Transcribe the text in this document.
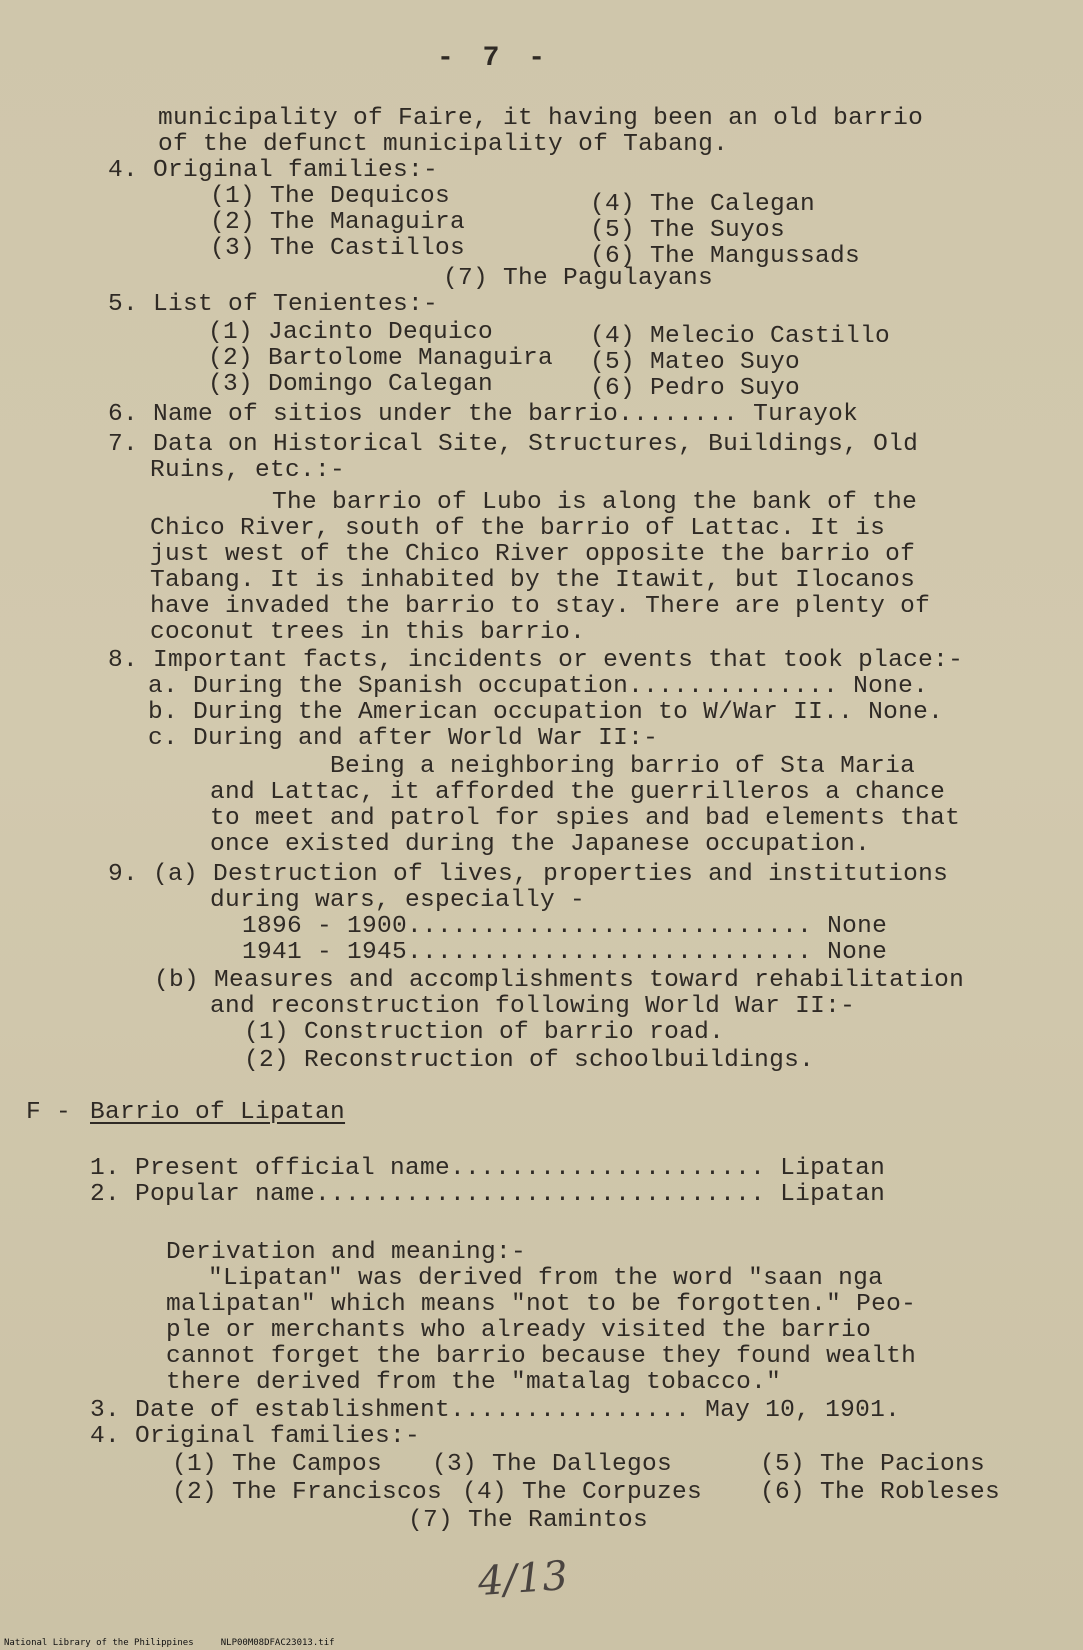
- 7 -
municipality of Faire, it having been an old barrio
of the defunct municipality of Tabang.
4. Original families:-
(1) The Dequicos	(4) The Calegan
(2) The Managuira	(5) The Suyos
(3) The Castillos	(6) The Mangussads
(7) The Pagulayans
5. List of Tenientes:-
(1) Jacinto Dequico	(4) Melecio Castillo
(2) Bartolome Managuira (5) Mateo Suyo
(3) Domingo Calegan	(6) Pedro Suyo
6. Name of sitios under the barrio........ Turayok
7. Data on Historical Site, Structures, Buildings, Old
Ruins, etc.:-
The barrio of Lubo is along the bank of the
Chico River, south of the barrio of Lattac. It is
just west of the Chico River opposite the barrio of
Tabang. It is inhabited by the Itawit, but Ilocanos
have invaded the barrio to stay. There are plenty of
coconut trees in this barrio.
8. Important facts, incidents or events that took place:-
a. During the Spanish occupation.............. None.
b. During the American occupation to W/War II.. None.
c. During and after World War II:-
Being a neighboring barrio of Sta Maria
and Lattac, it afforded the guerrilleros a chance
to meet and patrol for spies and bad elements that
once existed during the Japanese occupation.
9. (a) Destruction of lives, properties and institutions
during wars, especially -
1896 - 1900........................... None
1941 - 1945........................... None
(b) Measures and accomplishments toward rehabilitation
and reconstruction following World War II:-
(1) Construction of barrio road.
(2) Reconstruction of schoolbuildings.
F - Barrio of Lipatan
1. Present official name..................... Lipatan
2. Popular name.............................. Lipatan
Derivation and meaning:-
"Lipatan" was derived from the word "saan nga
malipatan" which means "not to be forgotten." Peo-
ple or merchants who already visited the barrio
cannot forget the barrio because they found wealth
there derived from the "matalag tobacco."
3. Date of establishment................ May 10, 1901.
4. Original families:-
(1) The Campos (3) The Dallegos	(5) The Pacions
(2) The Franciscos (4) The Corpuzes (6) The Robleses
(7) The Ramintos
4/13
National Library of the Philippines     NLP00M08DFAC23013.tif
